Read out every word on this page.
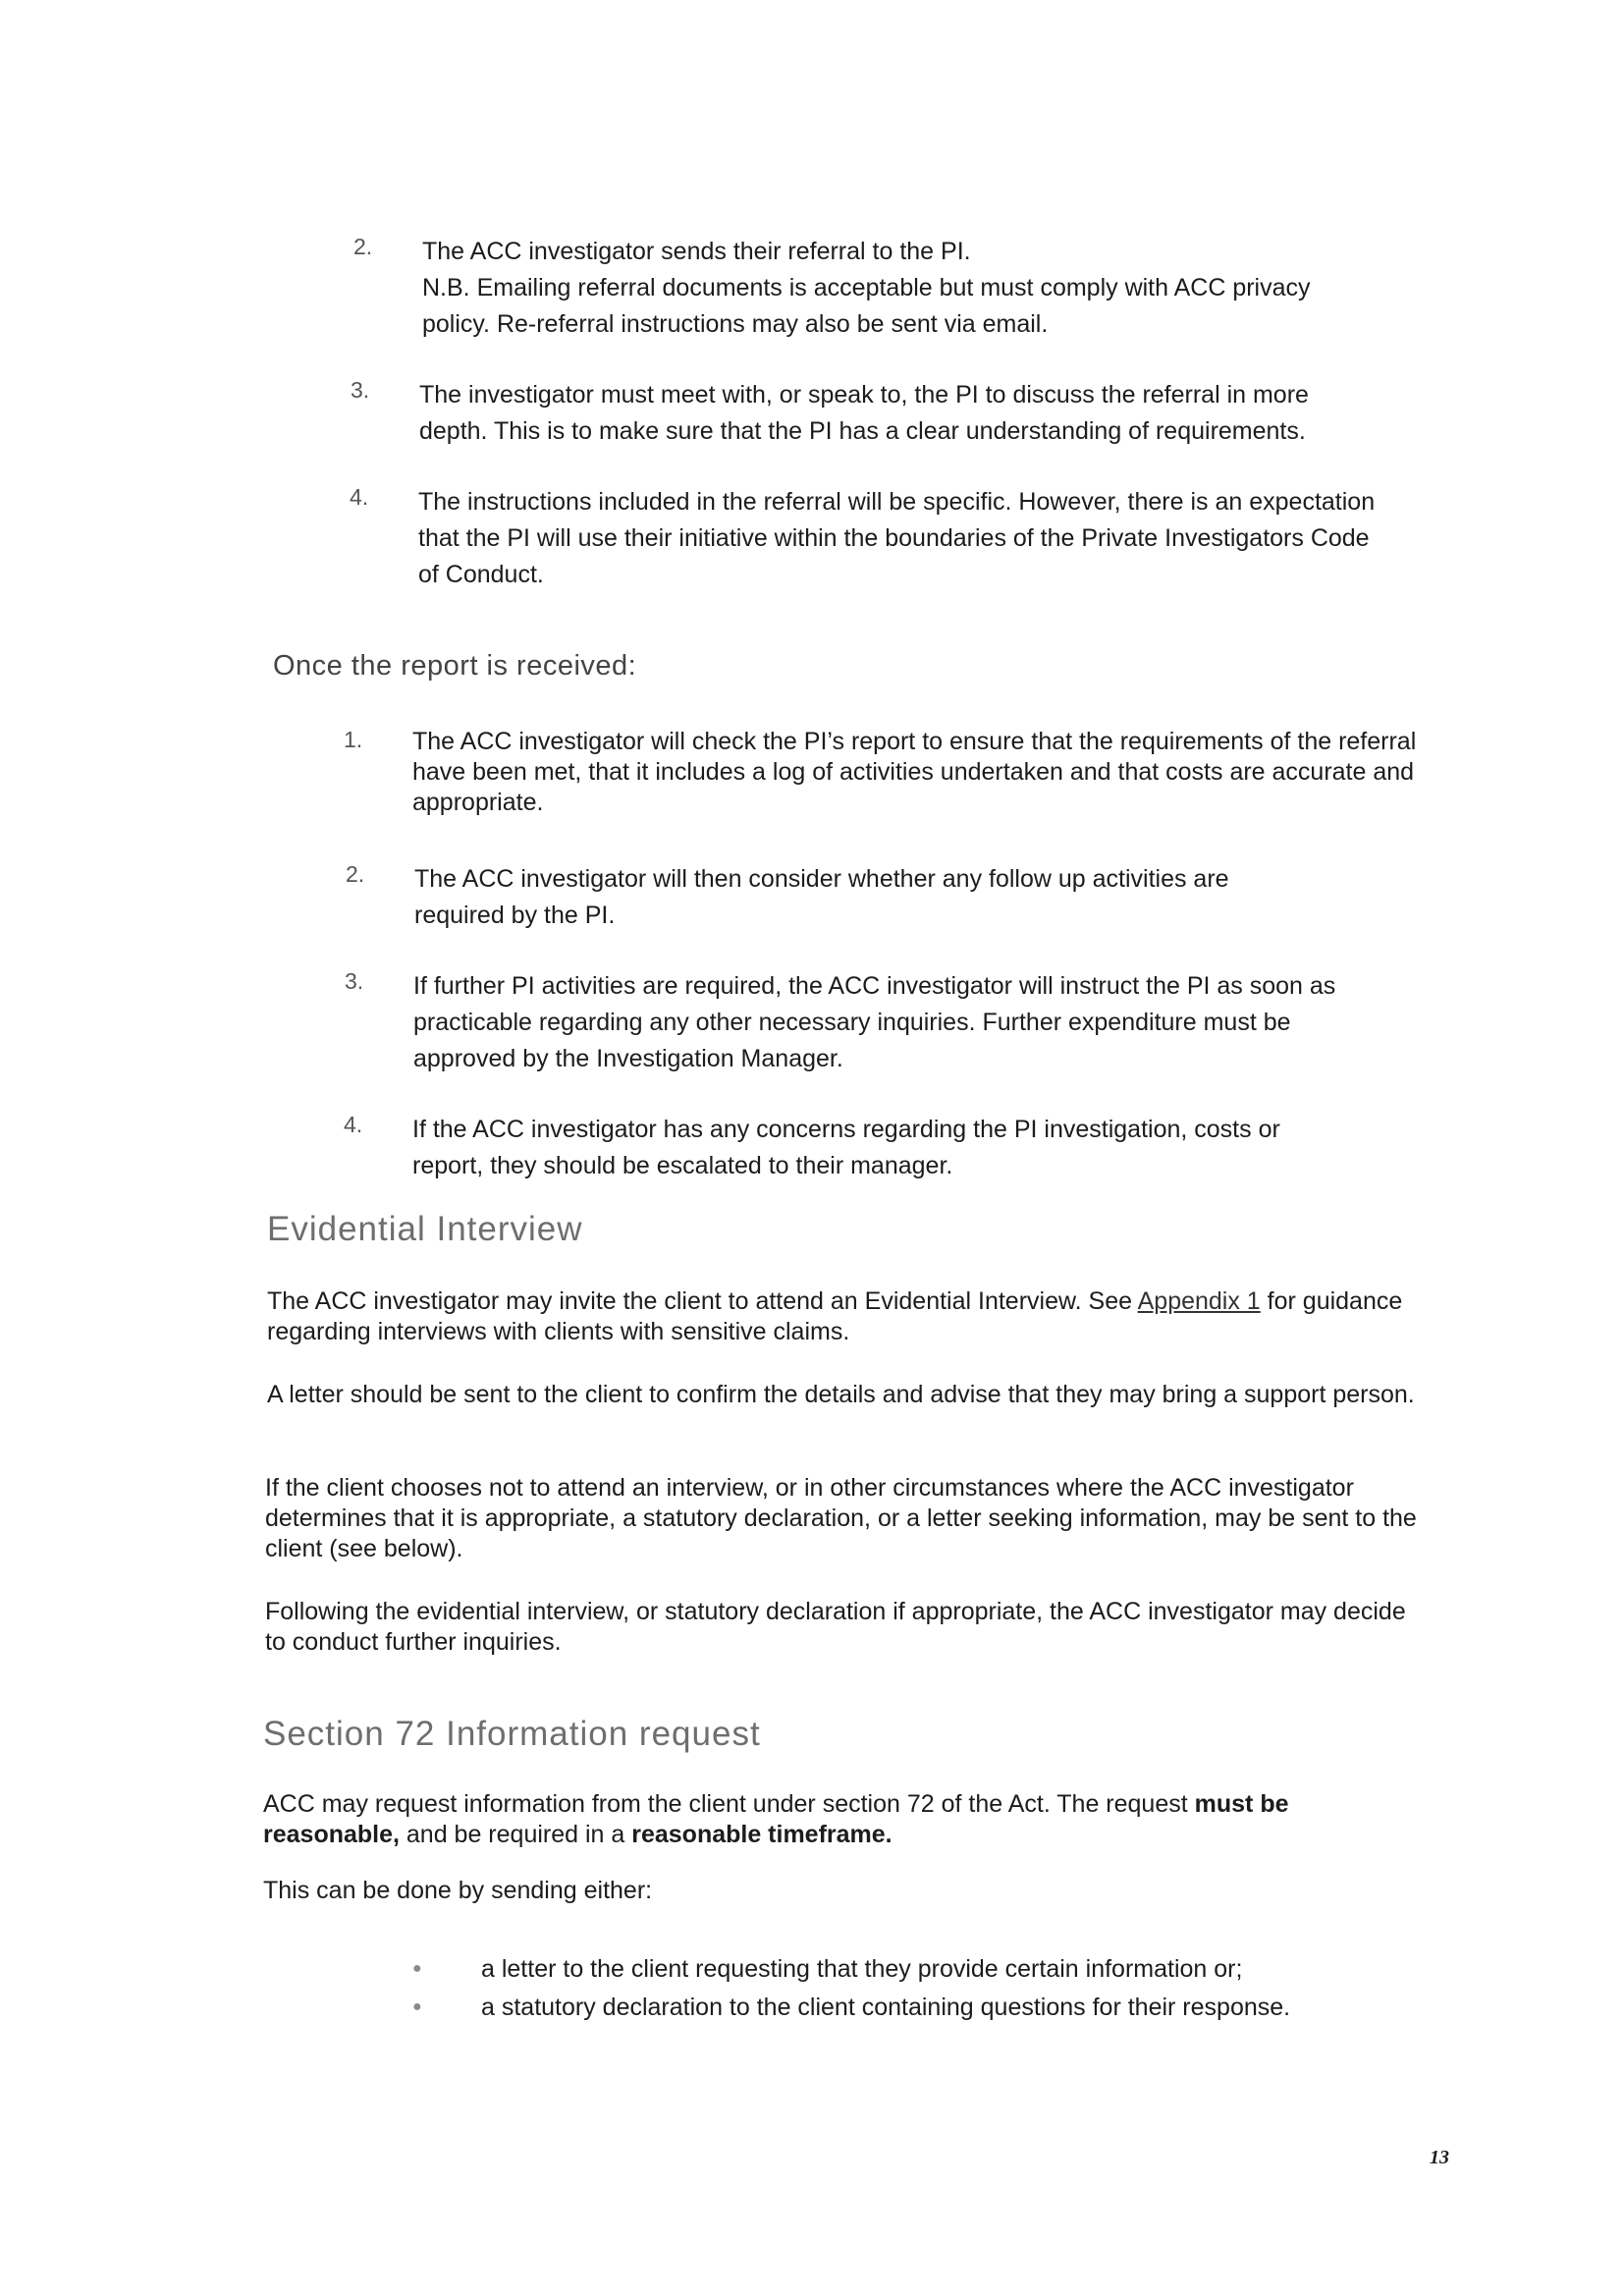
2.	The ACC investigator sends their referral to the PI.
N.B. Emailing referral documents is acceptable but must comply with ACC privacy policy. Re-referral instructions may also be sent via email.
3.	The investigator must meet with, or speak to, the PI to discuss the referral in more depth. This is to make sure that the PI has a clear understanding of requirements.
4.	The instructions included in the referral will be specific. However, there is an expectation that the PI will use their initiative within the boundaries of the Private Investigators Code of Conduct.
Once the report is received:
1.	The ACC investigator will check the PI’s report to ensure that the requirements of the referral have been met, that it includes a log of activities undertaken and that costs are accurate and appropriate.
2.	The ACC investigator will then consider whether any follow up activities are required by the PI.
3.	If further PI activities are required, the ACC investigator will instruct the PI as soon as practicable regarding any other necessary inquiries. Further expenditure must be approved by the Investigation Manager.
4.	If the ACC investigator has any concerns regarding the PI investigation, costs or report, they should be escalated to their manager.
Evidential Interview
The ACC investigator may invite the client to attend an Evidential Interview. See Appendix 1 for guidance regarding interviews with clients with sensitive claims.
A letter should be sent to the client to confirm the details and advise that they may bring a support person.
If the client chooses not to attend an interview, or in other circumstances where the ACC investigator determines that it is appropriate, a statutory declaration, or a letter seeking information, may be sent to the client (see below).
Following the evidential interview, or statutory declaration if appropriate, the ACC investigator may decide to conduct further inquiries.
Section 72 Information request
ACC may request information from the client under section 72 of the Act. The request must be reasonable, and be required in a reasonable timeframe.
This can be done by sending either:
●	a letter to the client requesting that they provide certain information or;
●	a statutory declaration to the client containing questions for their response.
13
